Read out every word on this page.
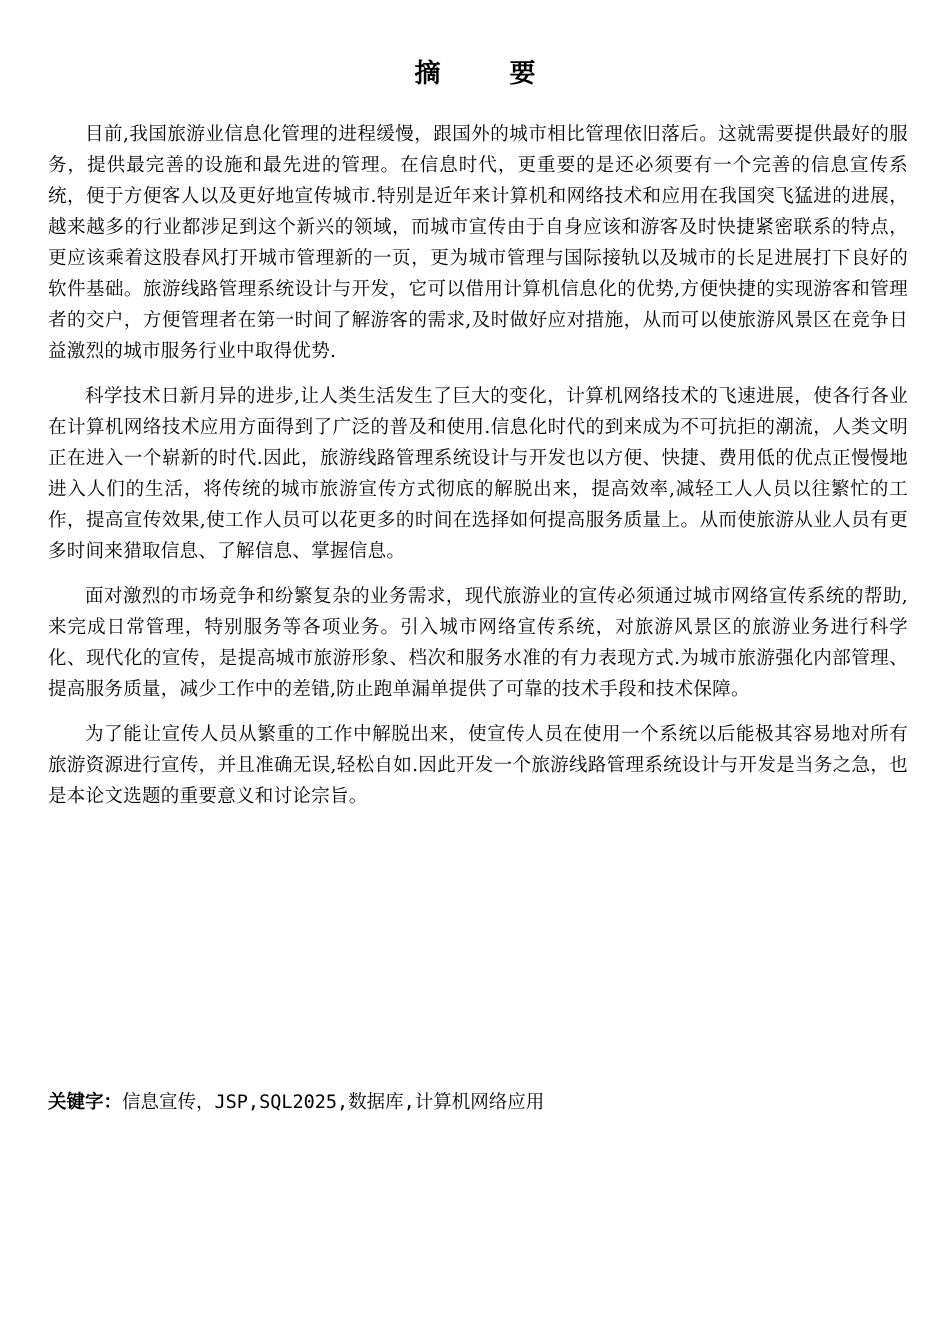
摘 要

目前,我国旅游业信息化管理的进程缓慢，跟国外的城市相比管理依旧落后。这就需要提供最好的服务，提供最完善的设施和最先进的管理。在信息时代，更重要的是还必须要有一个完善的信息宣传系统，便于方便客人以及更好地宣传城市.特别是近年来计算机和网络技术和应用在我国突飞猛进的进展，越来越多的行业都涉足到这个新兴的领域，而城市宣传由于自身应该和游客及时快捷紧密联系的特点，更应该乘着这股春风打开城市管理新的一页，更为城市管理与国际接轨以及城市的长足进展打下良好的软件基础。旅游线路管理系统设计与开发，它可以借用计算机信息化的优势,方便快捷的实现游客和管理者的交户，方便管理者在第一时间了解游客的需求,及时做好应对措施，从而可以使旅游风景区在竞争日益激烈的城市服务行业中取得优势.

科学技术日新月异的进步,让人类生活发生了巨大的变化，计算机网络技术的飞速进展，使各行各业在计算机网络技术应用方面得到了广泛的普及和使用.信息化时代的到来成为不可抗拒的潮流，人类文明正在进入一个崭新的时代.因此，旅游线路管理系统设计与开发也以方便、快捷、费用低的优点正慢慢地进入人们的生活，将传统的城市旅游宣传方式彻底的解脱出来，提高效率,减轻工人人员以往繁忙的工作，提高宣传效果,使工作人员可以花更多的时间在选择如何提高服务质量上。从而使旅游从业人员有更多时间来猎取信息、了解信息、掌握信息。

面对激烈的市场竞争和纷繁复杂的业务需求，现代旅游业的宣传必须通过城市网络宣传系统的帮助,来完成日常管理，特别服务等各项业务。引入城市网络宣传系统，对旅游风景区的旅游业务进行科学化、现代化的宣传，是提高城市旅游形象、档次和服务水准的有力表现方式.为城市旅游强化内部管理、提高服务质量，减少工作中的差错,防止跑单漏单提供了可靠的技术手段和技术保障。

为了能让宣传人员从繁重的工作中解脱出来，使宣传人员在使用一个系统以后能极其容易地对所有旅游资源进行宣传，并且准确无误,轻松自如.因此开发一个旅游线路管理系统设计与开发是当务之急，也是本论文选题的重要意义和讨论宗旨。

关键字：信息宣传，JSP,SQL2025,数据库,计算机网络应用
